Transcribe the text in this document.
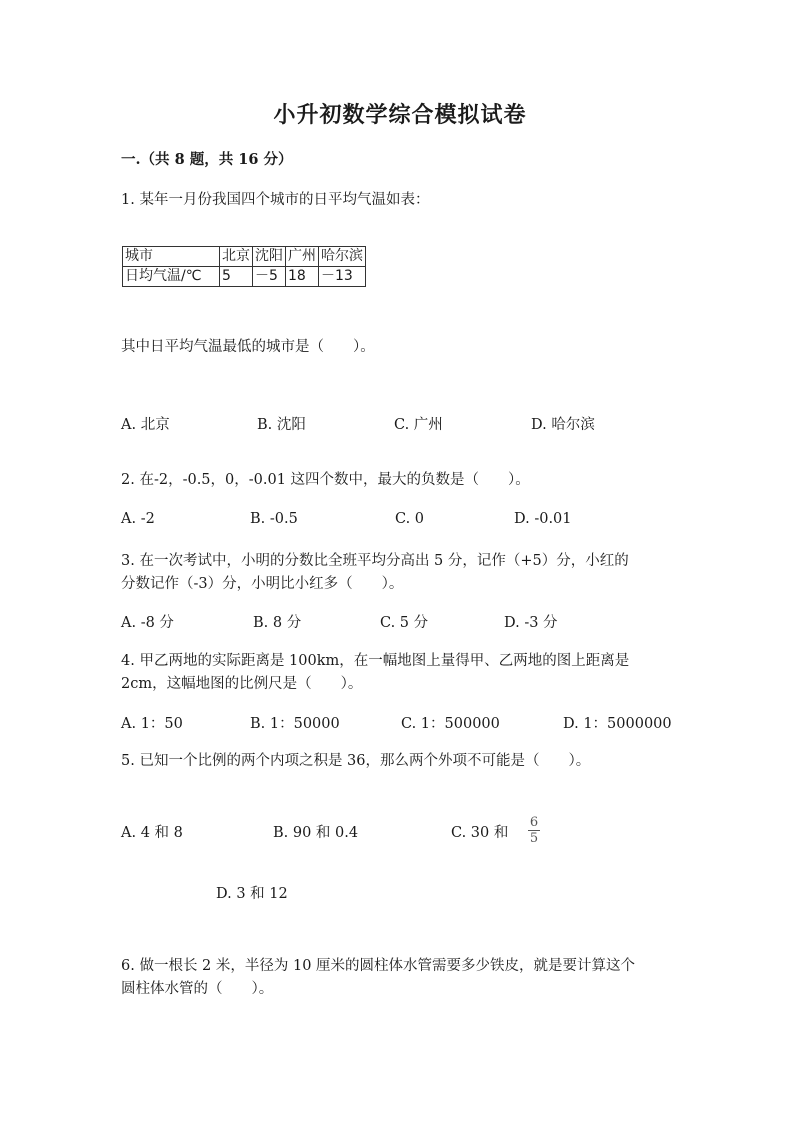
小升初数学综合模拟试卷
一.（共 8 题，共 16 分）
1. 某年一月份我国四个城市的日平均气温如表：
城市	北京	沈阳	广州	哈尔滨
日均气温/℃	5	－5	18	－13
其中日平均气温最低的城市是（　　）。
A. 北京	B. 沈阳	C. 广州	D. 哈尔滨
2. 在-2，-0.5，0，-0.01 这四个数中，最大的负数是（　　）。
A. -2	B. -0.5	C. 0	D. -0.01
3. 在一次考试中，小明的分数比全班平均分高出 5 分，记作（+5）分，小红的
分数记作（-3）分，小明比小红多（　　）。
A. -8 分	B. 8 分	C. 5 分	D. -3 分
4. 甲乙两地的实际距离是 100km，在一幅地图上量得甲、乙两地的图上距离是
2cm，这幅地图的比例尺是（　　）。
A. 1：50	B. 1：50000	C. 1：500000	D. 1：5000000
5. 已知一个比例的两个内项之积是 36，那么两个外项不可能是（　　）。
A. 4 和 8	B. 90 和 0.4	C. 30 和
6
5
D. 3 和 12
6. 做一根长 2 米，半径为 10 厘米的圆柱体水管需要多少铁皮，就是要计算这个
圆柱体水管的（　　）。
